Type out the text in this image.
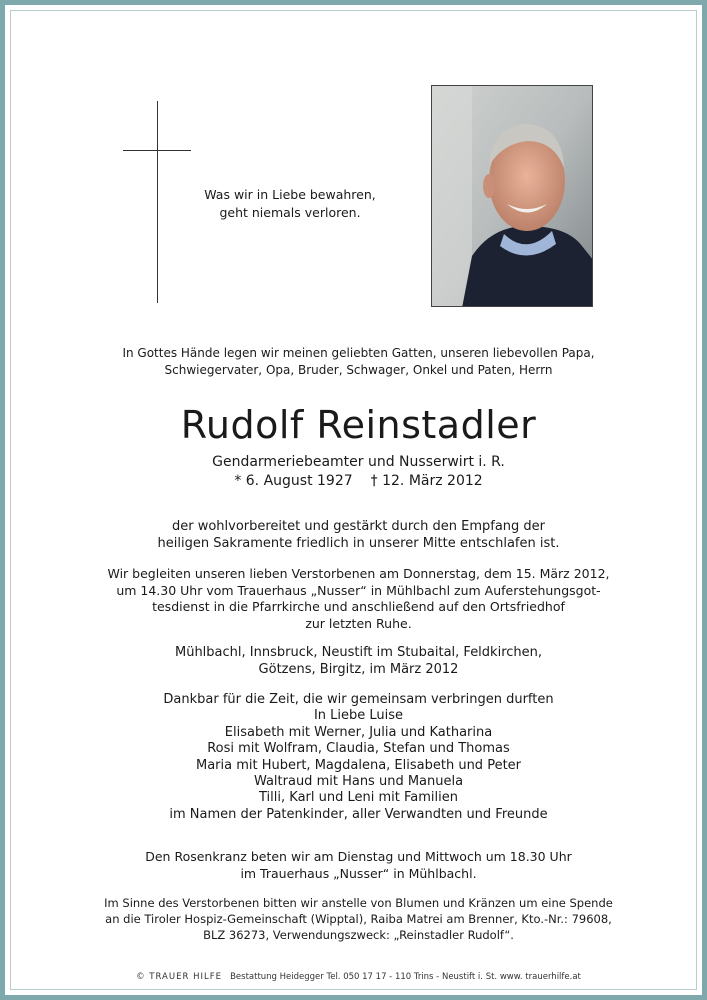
Was wir in Liebe bewahren,
geht niemals verloren.
In Gottes Hände legen wir meinen geliebten Gatten, unseren liebevollen Papa,
Schwiegervater, Opa, Bruder, Schwager, Onkel und Paten, Herrn
Rudolf Reinstadler
Gendarmeriebeamter und Nusserwirt i. R.
* 6. August 1927 † 12. März 2012
der wohlvorbereitet und gestärkt durch den Empfang der
heiligen Sakramente friedlich in unserer Mitte entschlafen ist.
Wir begleiten unseren lieben Verstorbenen am Donnerstag, dem 15. März 2012,
um 14.30 Uhr vom Trauerhaus „Nusser“ in Mühlbachl zum Auferstehungsgot-
tesdienst in die Pfarrkirche und anschließend auf den Ortsfriedhof
zur letzten Ruhe.
Mühlbachl, Innsbruck, Neustift im Stubaital, Feldkirchen,
Götzens, Birgitz, im März 2012
Dankbar für die Zeit, die wir gemeinsam verbringen durften
In Liebe Luise
Elisabeth mit Werner, Julia und Katharina
Rosi mit Wolfram, Claudia, Stefan und Thomas
Maria mit Hubert, Magdalena, Elisabeth und Peter
Waltraud mit Hans und Manuela
Tilli, Karl und Leni mit Familien
im Namen der Patenkinder, aller Verwandten und Freunde
Den Rosenkranz beten wir am Dienstag und Mittwoch um 18.30 Uhr
im Trauerhaus „Nusser“ in Mühlbachl.
Im Sinne des Verstorbenen bitten wir anstelle von Blumen und Kränzen um eine Spende
an die Tiroler Hospiz-Gemeinschaft (Wipptal), Raiba Matrei am Brenner, Kto.-Nr.: 79608,
BLZ 36273, Verwendungszweck: „Reinstadler Rudolf“.
© TRAUER HILFE Bestattung Heidegger Tel. 050 17 17 - 110 Trins - Neustift i. St. www. trauerhilfe.at
